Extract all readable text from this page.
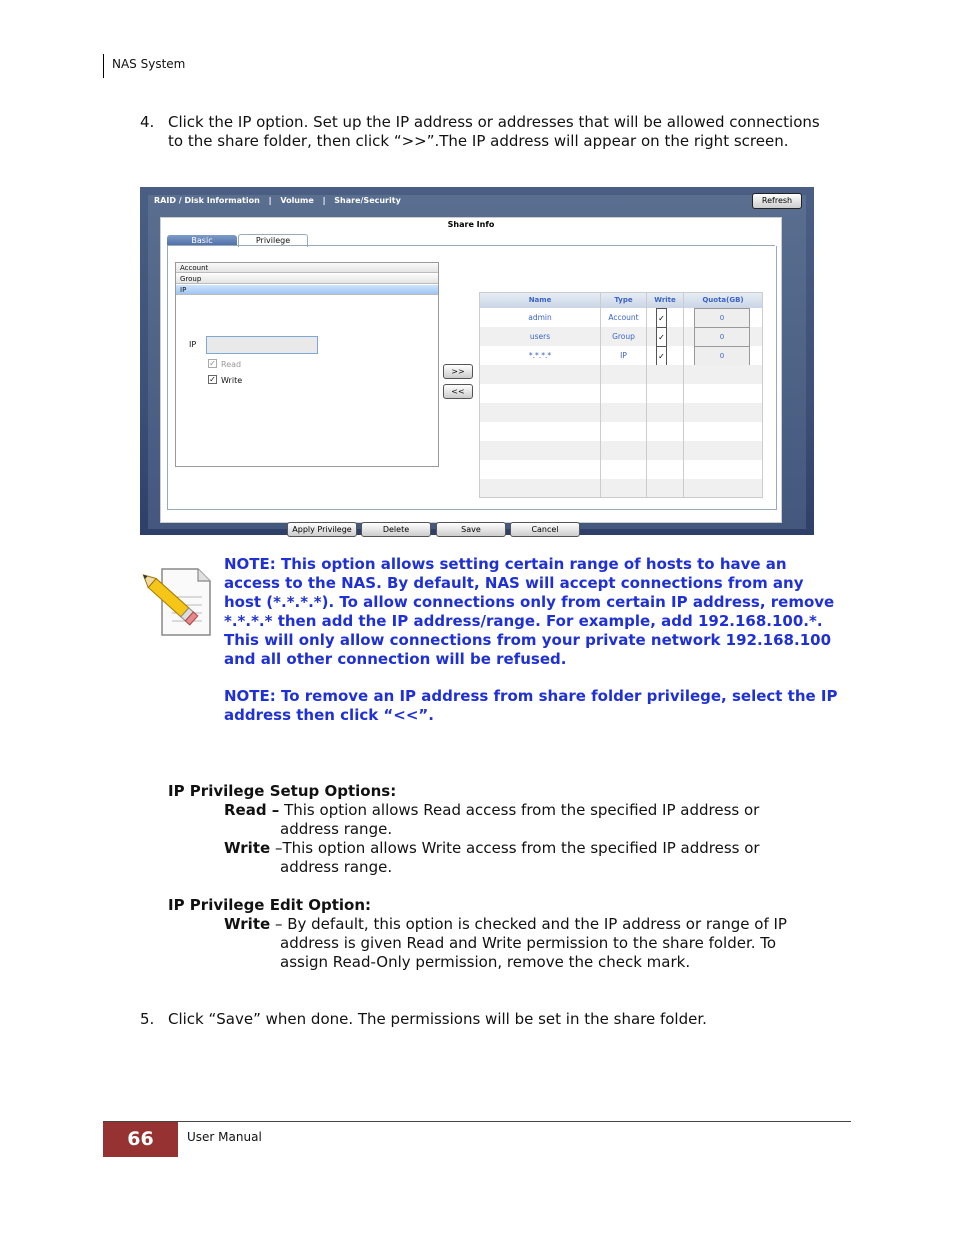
NAS System
4. Click the IP option. Set up the IP address or addresses that will be allowed connections to the share folder, then click “>>”.The IP address will appear on the right screen.
RAID / Disk Information | Volume | Share/Security	Refresh
Share Info
Basic	Privilege
Account
Group
IP
IP
✓ Read
✓ Write
>>
<<
Name	Type	Write	Quota(GB)
admin	Account	✓	0
users	Group	✓	0
*.*.*.*	IP	✓	0
Apply Privilege	Delete	Save	Cancel
NOTE: This option allows setting certain range of hosts to have an access to the NAS. By default, NAS will accept connections from any host (*.*.*.*). To allow connections only from certain IP address, remove *.*.*.* then add the IP address/range. For example, add 192.168.100.*. This will only allow connections from your private network 192.168.100 and all other connection will be refused.
NOTE: To remove an IP address from share folder privilege, select the IP address then click “<<”.
IP Privilege Setup Options:
Read – This option allows Read access from the specified IP address or
address range.
Write –This option allows Write access from the specified IP address or
address range.
IP Privilege Edit Option:
Write – By default, this option is checked and the IP address or range of IP
address is given Read and Write permission to the share folder. To
assign Read-Only permission, remove the check mark.
5. Click “Save” when done. The permissions will be set in the share folder.
66	User Manual
